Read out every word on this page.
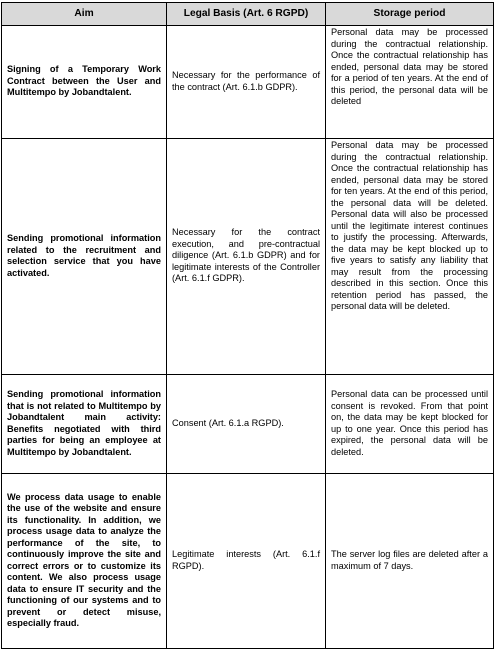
Aim	Legal Basis (Art. 6 RGPD)	Storage period
Signing of a Temporary Work Contract between the User and Multitempo by Jobandtalent.	Necessary for the performance of the contract (Art. 6.1.b GDPR).	Personal data may be processed during the contractual relationship. Once the contractual relationship has ended, personal data may be stored for a period of ten years. At the end of this period, the personal data will be deleted
Sending promotional information related to the recruitment and selection service that you have activated.	Necessary for the contract execution, and pre-contractual diligence (Art. 6.1.b GDPR) and for legitimate interests of the Controller (Art. 6.1.f GDPR).	Personal data may be processed during the contractual relationship. Once the contractual relationship has ended, personal data may be stored for ten years. At the end of this period, the personal data will be deleted. Personal data will also be processed until the legitimate interest continues to justify the processing. Afterwards, the data may be kept blocked up to five years to satisfy any liability that may result from the processing described in this section. Once this retention period has passed, the personal data will be deleted.
Sending promotional information that is not related to Multitempo by Jobandtalent main activity: Benefits negotiated with third parties for being an employee at Multitempo by Jobandtalent.	Consent (Art. 6.1.a RGPD).	Personal data can be processed until consent is revoked. From that point on, the data may be kept blocked for up to one year. Once this period has expired, the personal data will be deleted.
We process data usage to enable the use of the website and ensure its functionality. In addition, we process usage data to analyze the performance of the site, to continuously improve the site and correct errors or to customize its content. We also process usage data to ensure IT security and the functioning of our systems and to prevent or detect misuse, especially fraud.	Legitimate interests (Art. 6.1.f RGPD).	The server log files are deleted after a maximum of 7 days.
